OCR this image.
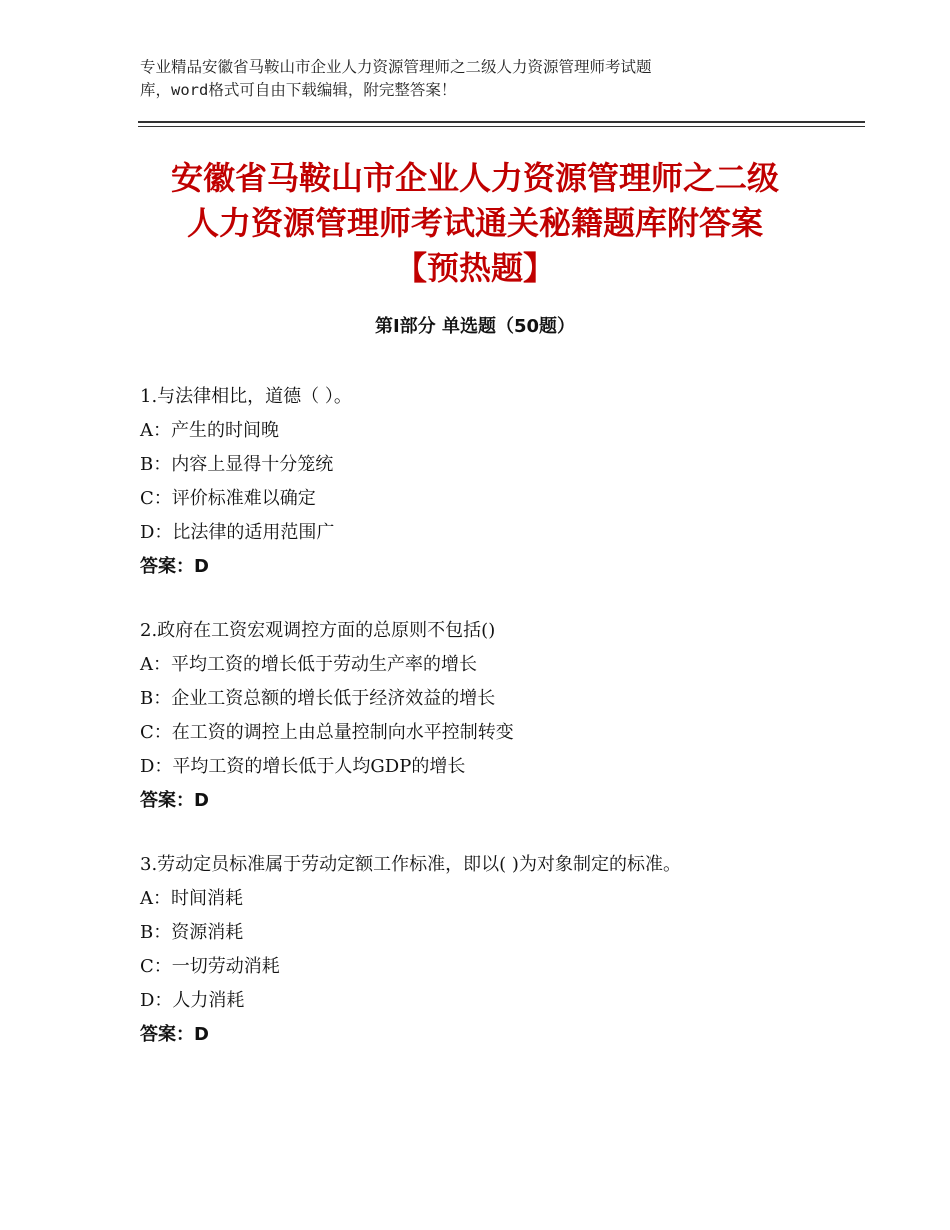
专业精品安徽省马鞍山市企业人力资源管理师之二级人力资源管理师考试题
库，word格式可自由下载编辑，附完整答案！
安徽省马鞍山市企业人力资源管理师之二级
人力资源管理师考试通关秘籍题库附答案
【预热题】
第Ⅰ部分 单选题（50题）
1.与法律相比，道德（ ）。
A：产生的时间晚
B：内容上显得十分笼统
C：评价标准难以确定
D：比法律的适用范围广
答案：D
2.政府在工资宏观调控方面的总原则不包括()
A：平均工资的增长低于劳动生产率的增长
B：企业工资总额的增长低于经济效益的增长
C：在工资的调控上由总量控制向水平控制转变
D：平均工资的增长低于人均GDP的增长
答案：D
3.劳动定员标准属于劳动定额工作标准，即以( )为对象制定的标准。
A：时间消耗
B：资源消耗
C：一切劳动消耗
D：人力消耗
答案：D
